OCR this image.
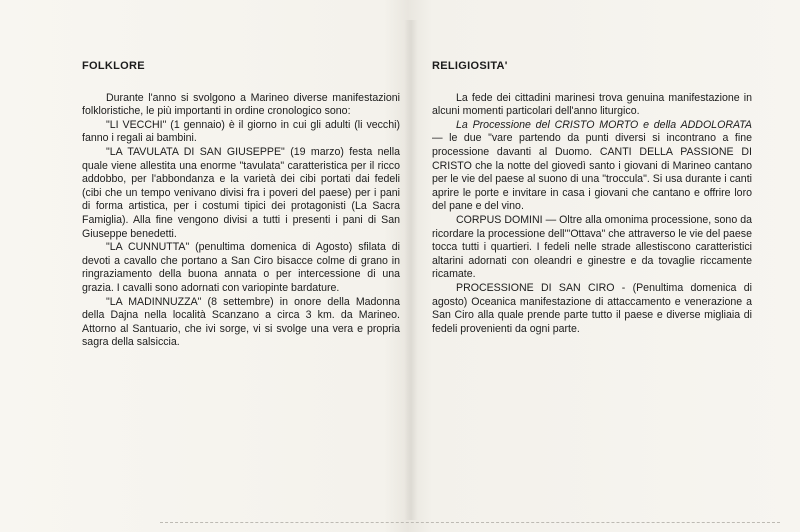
FOLKLORE

Durante l'anno si svolgono a Marineo diverse manifestazioni folkloristiche, le più importanti in ordine cronologico sono:

"LI VECCHI" (1 gennaio) è il giorno in cui gli adulti (li vecchi) fanno i regali ai bambini.

"LA TAVULATA DI SAN GIUSEPPE" (19 marzo) festa nella quale viene allestita una enorme "tavulata" caratteristica per il ricco addobbo, per l'abbondanza e la varietà dei cibi portati dai fedeli (cibi che un tempo venivano divisi fra i poveri del paese) per i pani di forma artistica, per i costumi tipici dei protagonisti (La Sacra Famiglia). Alla fine vengono divisi a tutti i presenti i pani di San Giuseppe benedetti.

"LA CUNNUTTA" (penultima domenica di Agosto) sfilata di devoti a cavallo che portano a San Ciro bisacce colme di grano in ringraziamento della buona annata o per intercessione di una grazia. I cavalli sono adornati con variopinte bardature.

"LA MADINNUZZA" (8 settembre) in onore della Madonna della Dajna nella località Scanzano a circa 3 km. da Marineo. Attorno al Santuario, che ivi sorge, vi si svolge una vera e propria sagra della salsiccia.

RELIGIOSITA'

La fede dei cittadini marinesi trova genuina manifestazione in alcuni momenti particolari dell'anno liturgico.

La Processione del CRISTO MORTO e della ADDOLORATA — le due "vare partendo da punti diversi si incontrano a fine processione davanti al Duomo. CANTI DELLA PASSIONE DI CRISTO che la notte del giovedì santo i giovani di Marineo cantano per le vie del paese al suono di una "troccula". Si usa durante i canti aprire le porte e invitare in casa i giovani che cantano e offrire loro del pane e del vino.

CORPUS DOMINI — Oltre alla omonima processione, sono da ricordare la processione dell'"Ottava" che attraverso le vie del paese tocca tutti i quartieri. I fedeli nelle strade allestiscono caratteristici altarini adornati con oleandri e ginestre e da tovaglie riccamente ricamate.

PROCESSIONE DI SAN CIRO - (Penultima domenica di agosto) Oceanica manifestazione di attaccamento e venerazione a San Ciro alla quale prende parte tutto il paese e diverse migliaia di fedeli provenienti da ogni parte.
